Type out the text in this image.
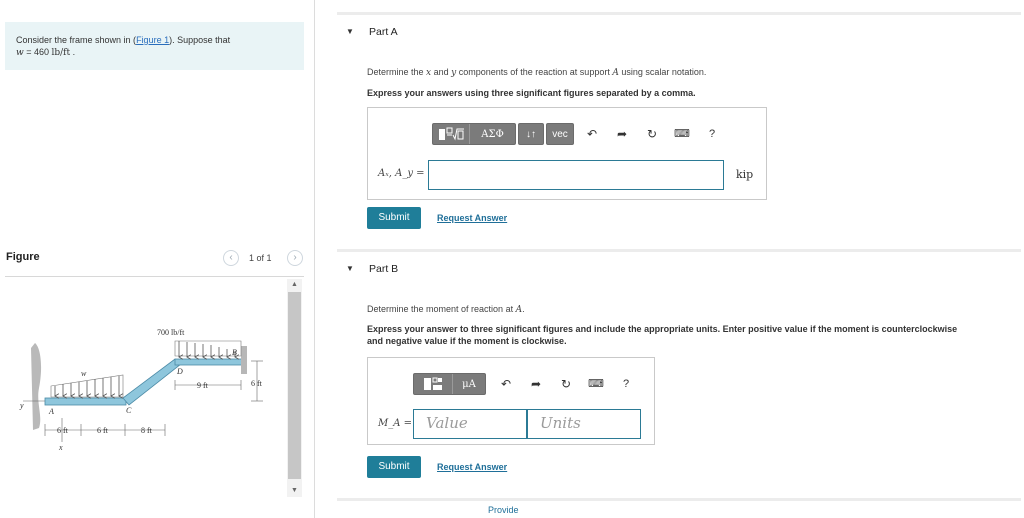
Consider the frame shown in (Figure 1). Suppose that
w = 460 lb/ft .
Figure	‹	1 of 1	›
700 lb/ft
w
B
D
C
A
y
x
9 ft	6 ft
6 ft	6 ft	8 ft
▲
▼
▼ Part A
Determine the x and y components of the reaction at support A using scalar notation.
Express your answers using three significant figures separated by a comma.
ΑΣΦ	↓↑	vec	↶ ➦ ↻ ⌨	?
Aₓ, A_y =	kip
Submit	Request Answer
▼ Part B
Determine the moment of reaction at A.
Express your answer to three significant figures and include the appropriate units. Enter positive value if the moment is counterclockwise and negative value if the moment is clockwise.
μA	↶ ➦ ↻ ⌨	?
M_A = Value	Units
Submit	Request Answer
Provide
